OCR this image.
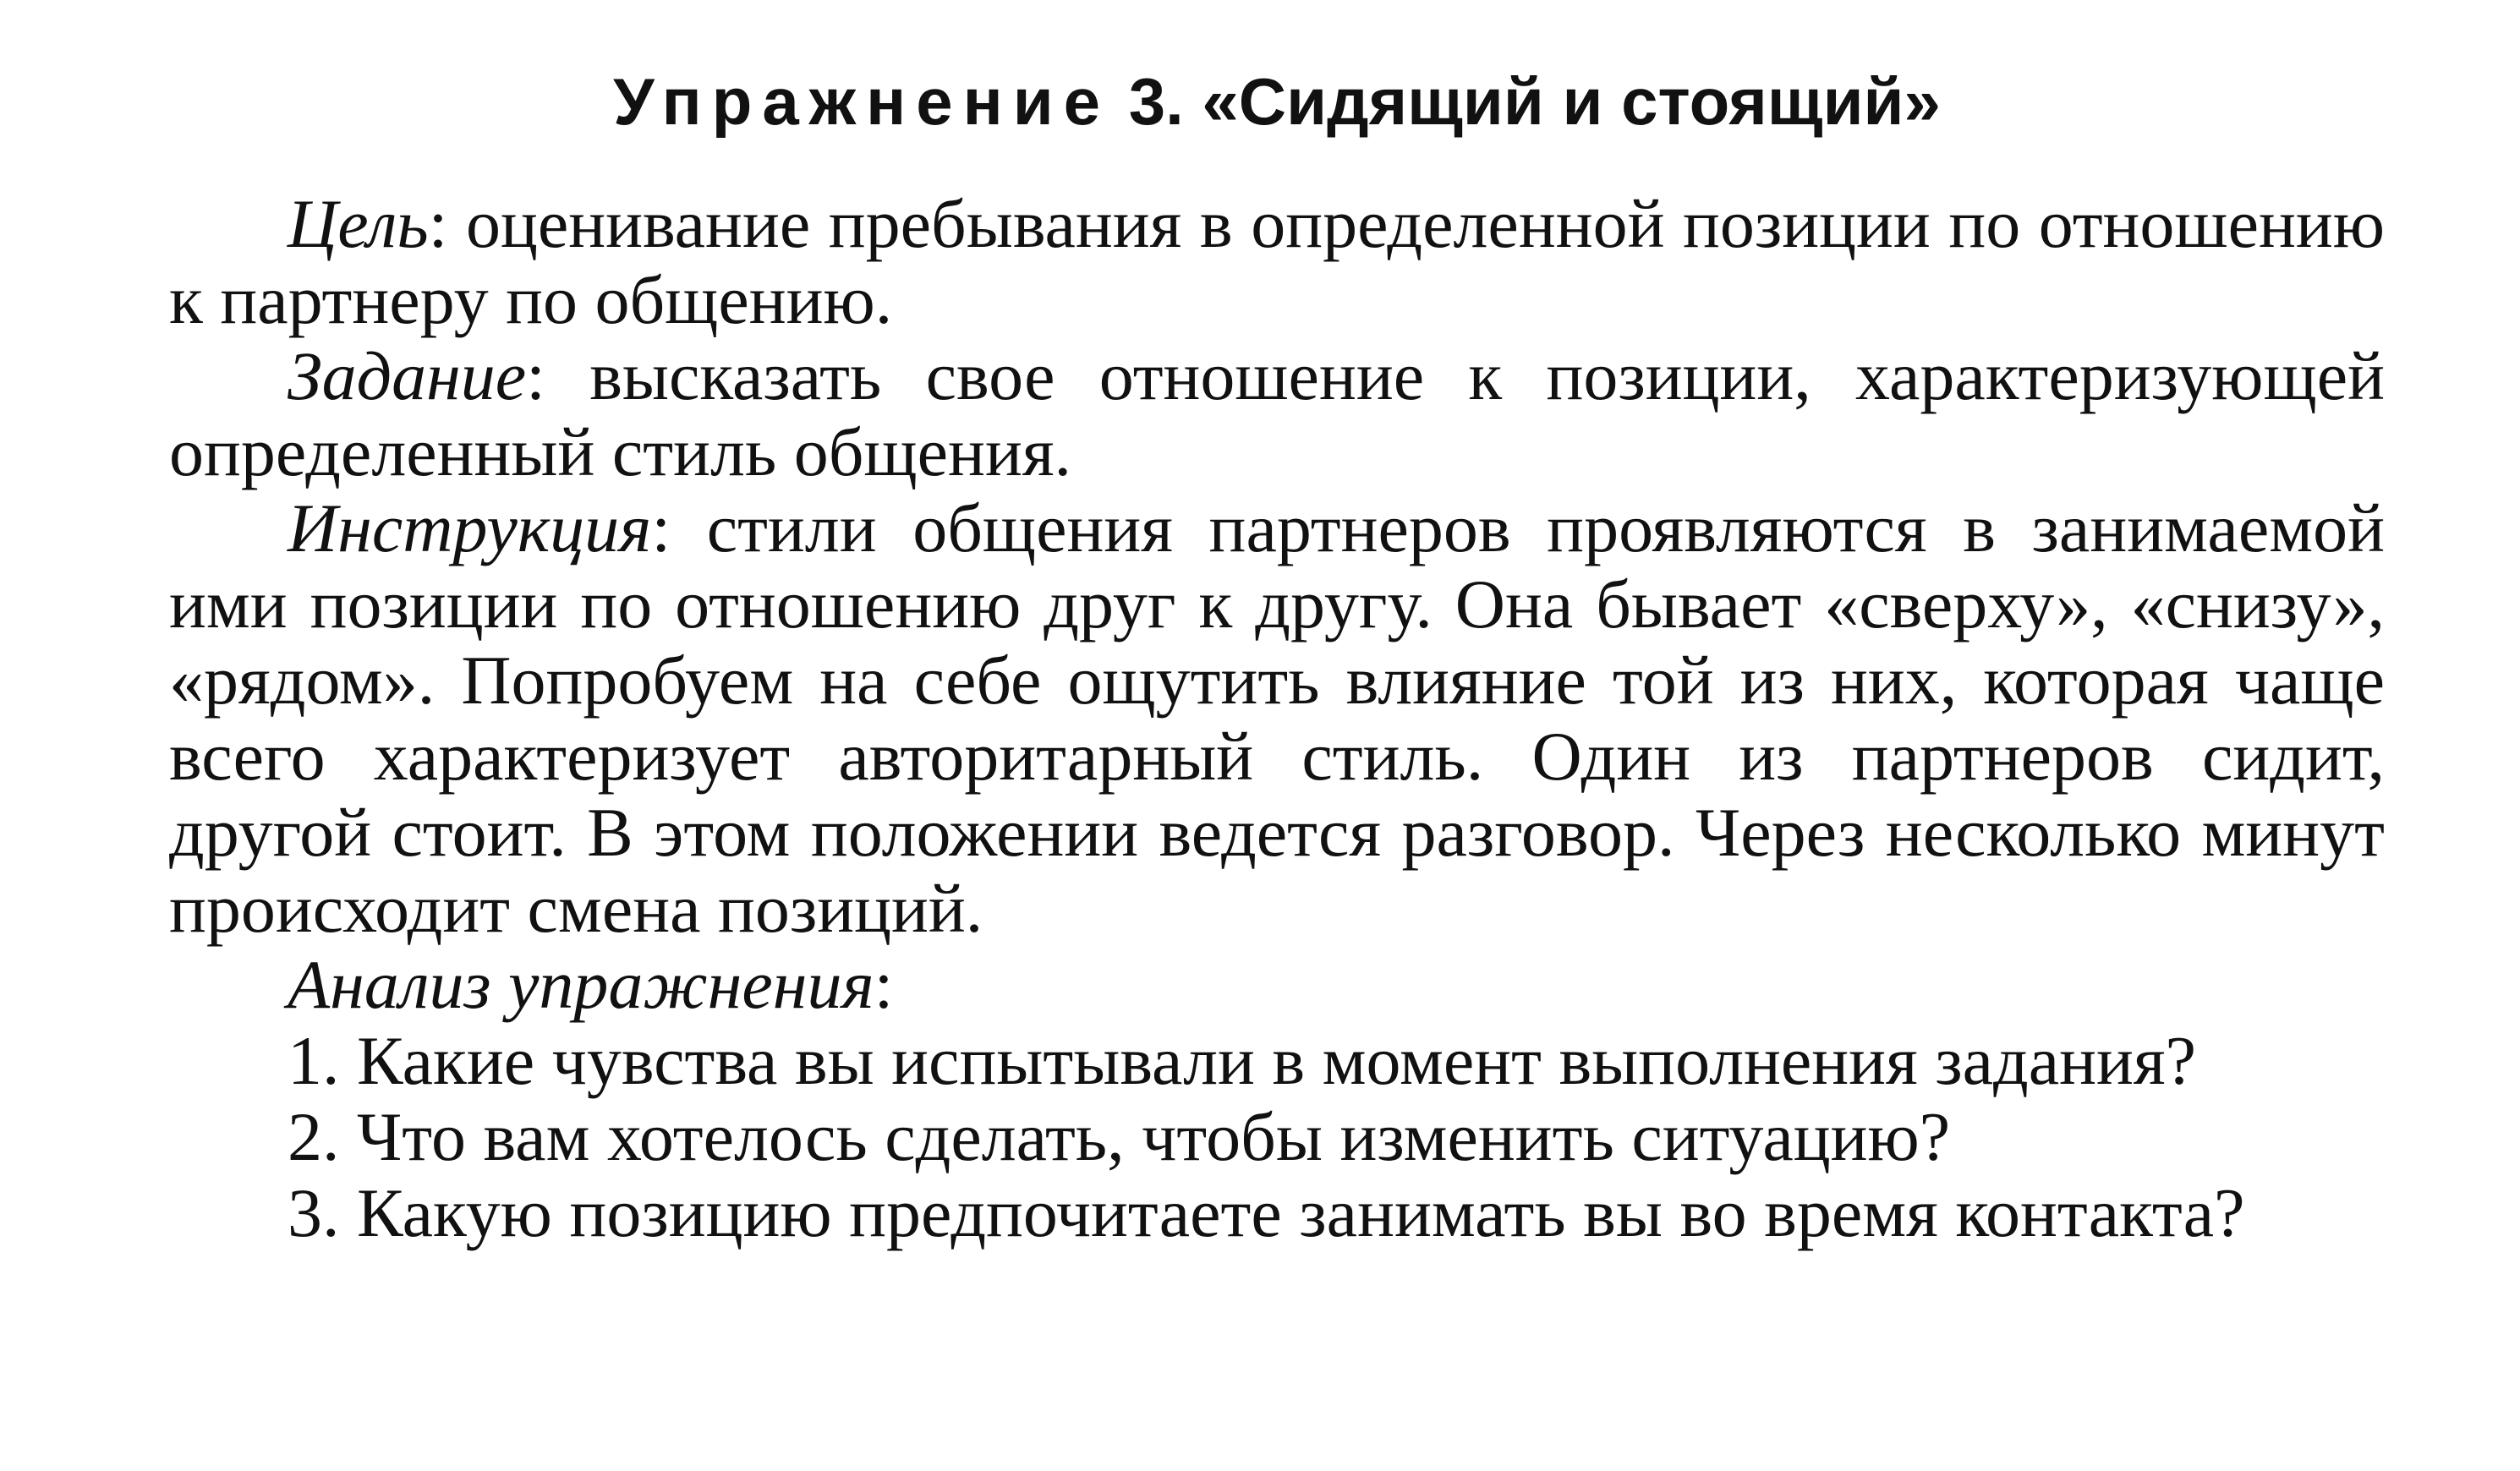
Упражнение 3. «Сидящий и стоящий»

Цель: оценивание пребывания в определенной позиции по отношению к партнеру по общению.

Задание: высказать свое отношение к позиции, характеризующей определенный стиль общения.

Инструкция: стили общения партнеров проявляются в занимаемой ими позиции по отношению друг к другу. Она бывает «сверху», «снизу», «рядом». Попробуем на себе ощутить влияние той из них, которая чаще всего характеризует авторитарный стиль. Один из партнеров сидит, другой стоит. В этом положении ведется разговор. Через несколько минут происходит смена позиций.

Анализ упражнения:

1. Какие чувства вы испытывали в момент выполнения задания?

2. Что вам хотелось сделать, чтобы изменить ситуацию?

3. Какую позицию предпочитаете занимать вы во время контакта?
